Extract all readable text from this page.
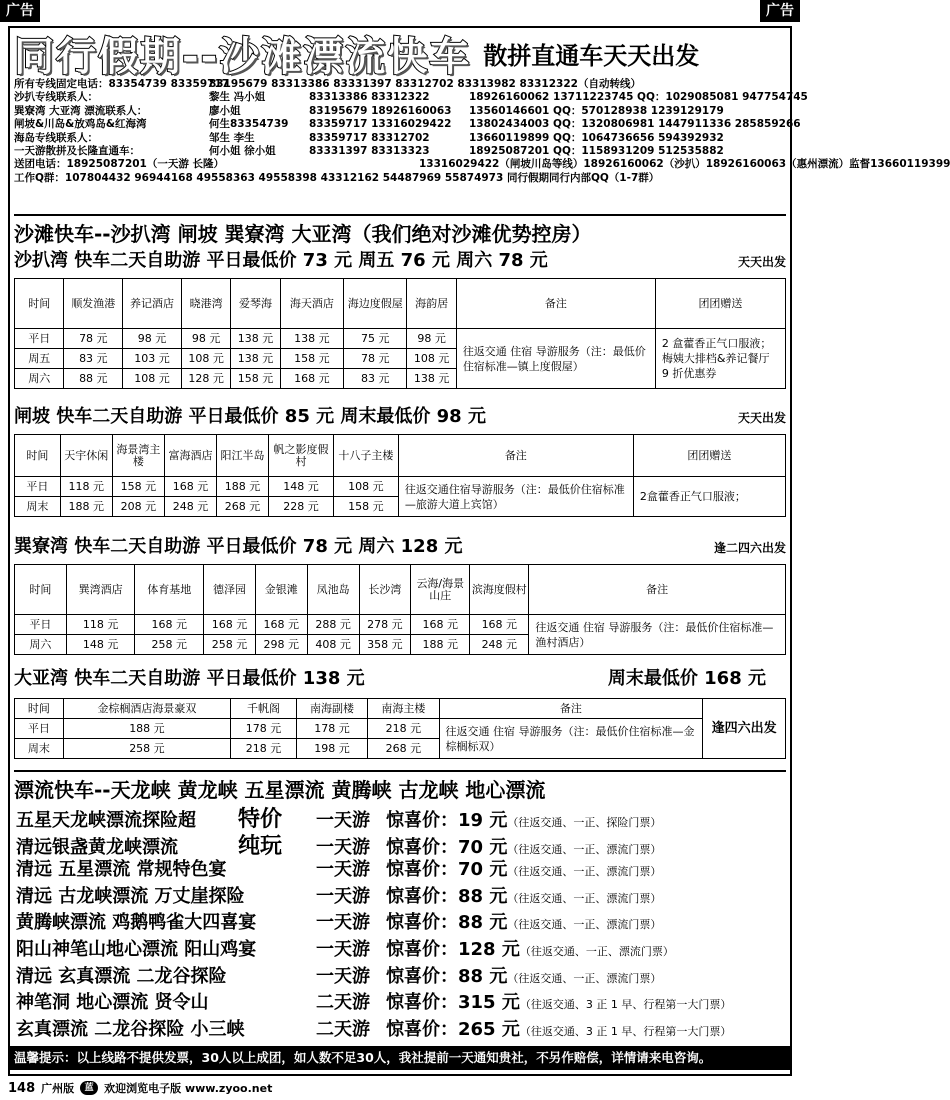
广告	广告
同行假期--沙滩漂流快车 散拼直通车天天出发
所有专线固定电话：83354739 83359717
83195679 83313386 83331397 83312702 83313982 83312322（自动转线）
沙扒专线联系人：	黎生 冯小姐	83313386 83312322	18926160062 13711223745 QQ：1029085081 947754745
巽寮湾 大亚湾 漂流联系人：	廖小姐	83195679 18926160063	13560146601 QQ：570128938 1239129179
闸坡&川岛&放鸡岛&红海湾	何生83354739	83359717 13316029422	13802434003 QQ：1320806981 1447911336 285859266
海岛专线联系人：	邹生 李生	83359717 83312702	13660119899 QQ：1064736656 594392932
一天游散拼及长隆直通车：	何小姐 徐小姐	83331397 83313323	18925087201 QQ：1158931209 512535882
送团电话：18925087201（一天游 长隆）	13316029422（闸坡川岛等线）18926160062（沙扒）18926160063（惠州漂流）监督13660119399
工作Q群：107804432 96944168 49558363 49558398 43312162 54487969 55874973 同行假期同行内部QQ（1-7群）
沙滩快车--沙扒湾 闸坡 巽寮湾 大亚湾（我们绝对沙滩优势控房）
沙扒湾 快车二天自助游 平日最低价 73 元 周五 76 元 周六 78 元	天天出发
时间	顺发渔港	养记酒店	晓港湾	爱琴海	海天酒店	海边度假屋	海韵居	备注	团团赠送
平日	78 元	98 元	98 元	138 元	138 元	75 元	98 元	往返交通 住宿 导游服务（注：最低价住宿标准—镇上度假屋）	2 盒藿香正气口服液；梅姨大排档&养记餐厅 9 折优惠券
周五	83 元	103 元	108 元	138 元	158 元	78 元	108 元		
周六	88 元	108 元	128 元	158 元	168 元	83 元	138 元		
闸坡 快车二天自助游 平日最低价 85 元 周末最低价 98 元	天天出发
时间	天宇休闲	海景湾主楼	富海酒店	阳江半岛	帆之影度假村	十八子主楼	备注	团团赠送
平日	118 元	158 元	168 元	188 元	148 元	108 元	往返交通住宿导游服务（注：最低价住宿标准—旅游大道上宾馆）	2盒藿香正气口服液；
周末	188 元	208 元	248 元	268 元	228 元	158 元		
巽寮湾 快车二天自助游 平日最低价 78 元 周六 128 元	逢二四六出发
时间	巽湾酒店	体育基地	德泽园	金银滩	凤池岛	长沙湾	云海/海景山庄	滨海度假村	备注
平日	118 元	168 元	168 元	168 元	288 元	278 元	168 元	168 元	往返交通 住宿 导游服务（注：最低价住宿标准—渔村酒店）
周六	148 元	258 元	258 元	298 元	408 元	358 元	188 元	248 元	
大亚湾 快车二天自助游 平日最低价 138 元	周末最低价 168 元
时间	金棕榈酒店海景豪双	千帆阁	南海副楼	南海主楼	备注	逢四六出发
平日	188 元	178 元	178 元	218 元	往返交通 住宿 导游服务（注：最低价住宿标准—金棕榈标双）	
周末	258 元	218 元	198 元	268 元		
漂流快车--天龙峡 黄龙峡 五星漂流 黄腾峡 古龙峡 地心漂流
五星天龙峡漂流探险超	特价	一天游 惊喜价：19 元 （往返交通、一正、探险门票）
清远银盏黄龙峡漂流	纯玩	一天游 惊喜价：70 元 （往返交通、一正、漂流门票）
清远 五星漂流 常规特色宴	一天游 惊喜价：70 元 （往返交通、一正、漂流门票）
清远 古龙峡漂流 万丈崖探险	一天游 惊喜价：88 元 （往返交通、一正、漂流门票）
黄腾峡漂流 鸡鹅鸭雀大四喜宴	一天游 惊喜价：88 元 （往返交通、一正、漂流门票）
阳山神笔山地心漂流 阳山鸡宴	一天游 惊喜价：128 元 （往返交通、一正、漂流门票）
清远 玄真漂流 二龙谷探险	一天游 惊喜价：88 元 （往返交通、一正、漂流门票）
神笔洞 地心漂流 贤令山	二天游 惊喜价：315 元 （往返交通、3 正 1 早、行程第一大门票）
玄真漂流 二龙谷探险 小三峡	二天游 惊喜价：265 元 （往返交通、3 正 1 早、行程第一大门票）
温馨提示：以上线路不提供发票，30人以上成团，如人数不足30人，我社提前一天通知贵社，不另作赔偿，详情请来电咨询。
148 广州版	蓝 欢迎浏览电子版 www.zyoo.net
